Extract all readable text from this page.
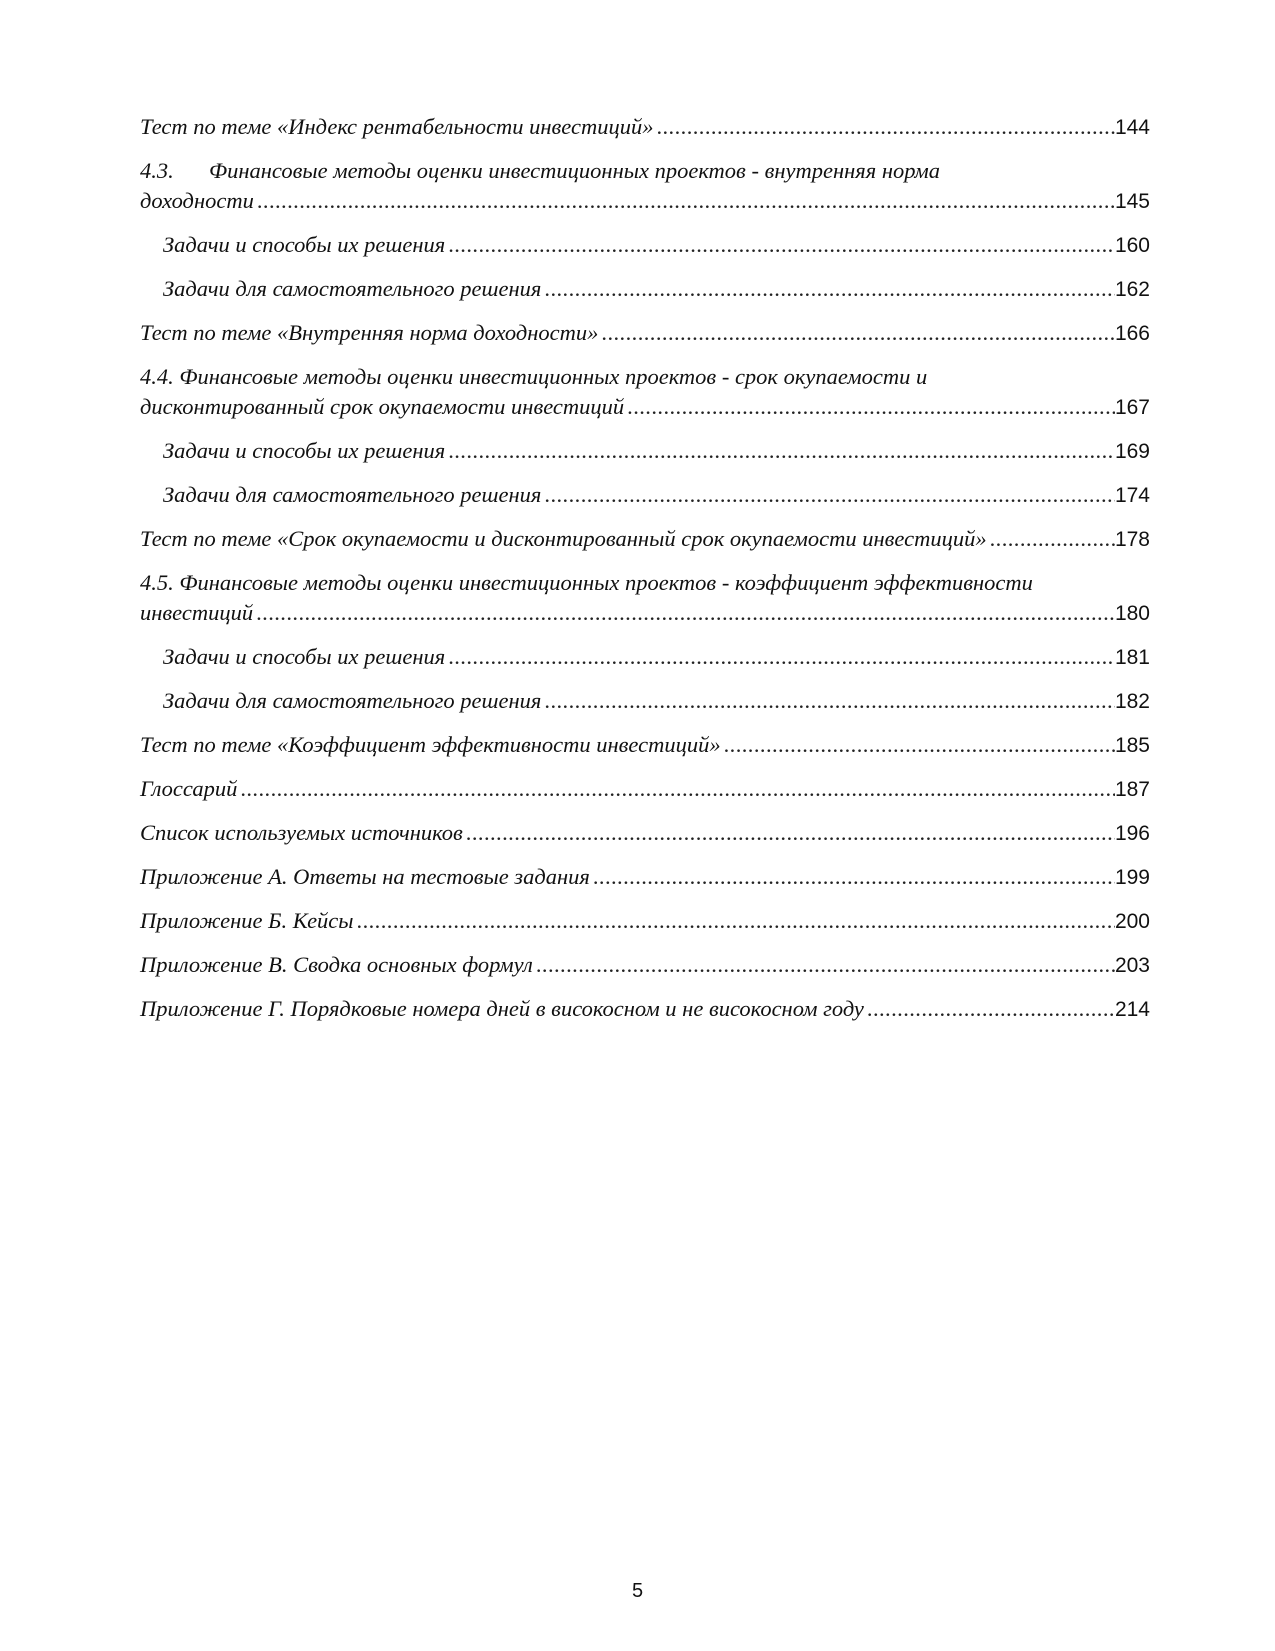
Тест по теме «Индекс рентабельности инвестиций» . . .	144
4.3. Финансовые методы оценки инвестиционных проектов - внутренняя норма
доходности . . .	145
Задачи и способы их решения . . .	160
Задачи для самостоятельного решения . . .	162
Тест по теме «Внутренняя норма доходности» . . .	166
4.4. Финансовые методы оценки инвестиционных проектов - срок окупаемости и
дисконтированный срок окупаемости инвестиций . . .	167
Задачи и способы их решения . . .	169
Задачи для самостоятельного решения . . .	174
Тест по теме «Срок окупаемости и дисконтированный срок окупаемости инвестиций» . . .	178
4.5. Финансовые методы оценки инвестиционных проектов - коэффициент эффективности
инвестиций . . .	180
Задачи и способы их решения . . .	181
Задачи для самостоятельного решения . . .	182
Тест по теме «Коэффициент эффективности инвестиций» . . .	185
Глоссарий . . .	187
Список используемых источников . . .	196
Приложение А. Ответы на тестовые задания . . .	199
Приложение Б. Кейсы . . .	200
Приложение В. Сводка основных формул . . .	203
Приложение Г. Порядковые номера дней в високосном и не високосном году . . .	214
5
